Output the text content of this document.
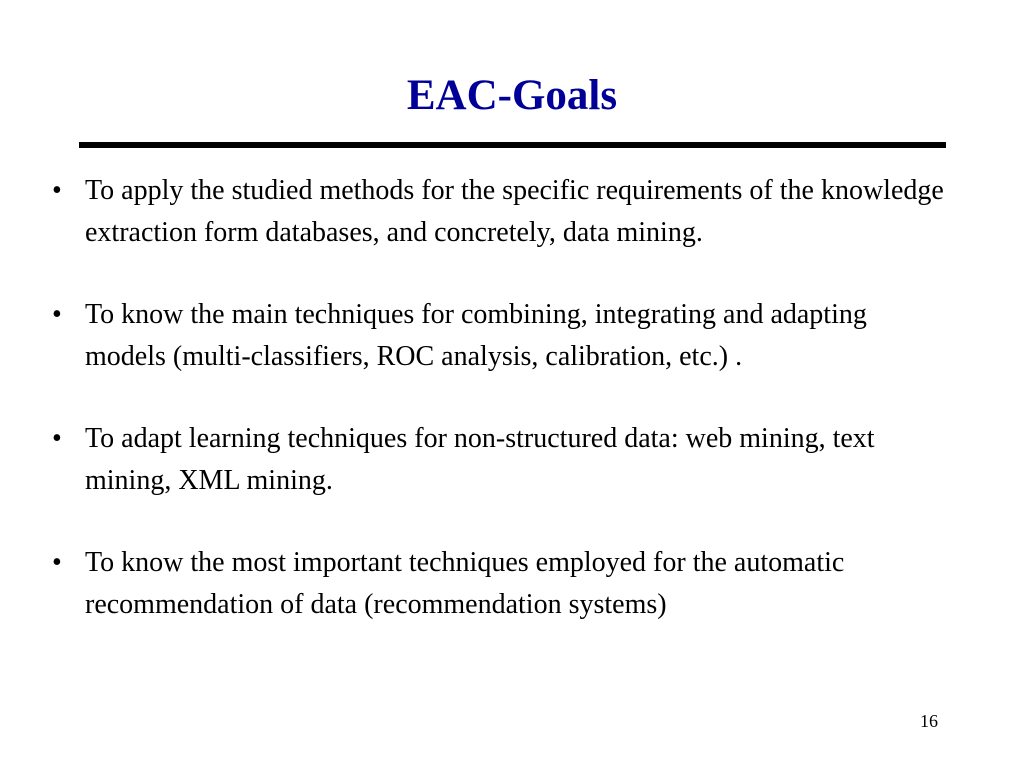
EAC-Goals
• To apply the studied methods for the specific requirements of the knowledge extraction form databases, and concretely, data mining.
• To know the main techniques for combining, integrating and adapting models (multi-classifiers, ROC analysis, calibration, etc.) .
• To adapt learning techniques for non-structured data: web mining, text mining, XML mining.
• To know the most important techniques employed for the automatic recommendation of data (recommendation systems)
16
